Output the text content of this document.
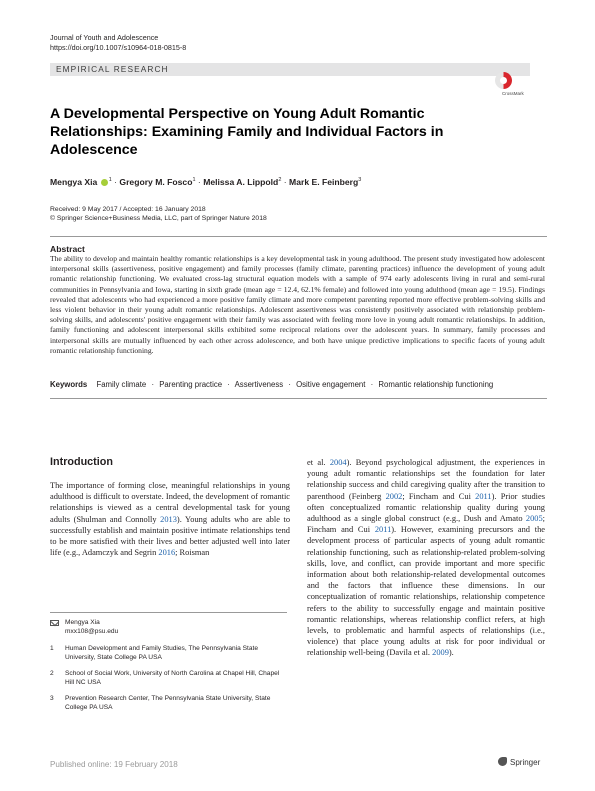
Journal of Youth and Adolescence
https://doi.org/10.1007/s10964-018-0815-8
EMPIRICAL RESEARCH
CrossMark
A Developmental Perspective on Young Adult Romantic Relationships: Examining Family and Individual Factors in Adolescence
Mengya Xia $^1$ · Gregory M. Fosco$^1$ · Melissa A. Lippold$^2$ · Mark E. Feinberg$^3$
Received: 9 May 2017 / Accepted: 16 January 2018
© Springer Science+Business Media, LLC, part of Springer Nature 2018
Abstract
The ability to develop and maintain healthy romantic relationships is a key developmental task in young adulthood. The present study investigated how adolescent interpersonal skills (assertiveness, positive engagement) and family processes (family climate, parenting practices) influence the development of young adult romantic relationship functioning. We evaluated cross-lag structural equation models with a sample of 974 early adolescents living in rural and semi-rural communities in Pennsylvania and Iowa, starting in sixth grade (mean age = 12.4, 62.1% female) and followed into young adulthood (mean age = 19.5). Findings revealed that adolescents who had experienced a more positive family climate and more competent parenting reported more effective problem-solving skills and less violent behavior in their young adult romantic relationships. Adolescent assertiveness was consistently positively associated with relationship problem-solving skills, and adolescents' positive engagement with their family was associated with feeling more love in young adult romantic relationships. In addition, family functioning and adolescent interpersonal skills exhibited some reciprocal relations over the adolescent years. In summary, family processes and interpersonal skills are mutually influenced by each other across adolescence, and both have unique predictive implications to specific facets of young adult romantic relationship functioning.
Keywords Family climate · Parenting practice · Assertiveness · Ositive engagement · Romantic relationship functioning
Introduction
The importance of forming close, meaningful relationships in young adulthood is difficult to overstate. Indeed, the development of romantic relationships is viewed as a central developmental task for young adults (Shulman and Connolly 2013). Young adults who are able to successfully establish and maintain positive intimate relationships tend to be more satisfied with their lives and better adjusted well into later life (e.g., Adamczyk and Segrin 2016; Roisman
et al. 2004). Beyond psychological adjustment, the experiences in young adult romantic relationships set the foundation for later relationship success and child caregiving quality after the transition to parenthood (Feinberg 2002; Fincham and Cui 2011). Prior studies often conceptualized romantic relationship quality during young adulthood as a single global construct (e.g., Dush and Amato 2005; Fincham and Cui 2011). However, examining precursors and the development process of particular aspects of young adult romantic relationship functioning, such as relationship-related problem-solving skills, love, and conflict, can provide important and more specific information about both relationship-related developmental outcomes and the factors that influence these dimensions. In our conceptualization of romantic relationships, relationship competence refers to the ability to successfully engage and maintain positive romantic relationships, whereas relationship conflict refers, at high levels, to problematic and harmful aspects of relationships (i.e., violence) that place young adults at risk for poor individual or relationship well-being (Davila et al. 2009).
Mengya Xia
mxx108@psu.edu
1 Human Development and Family Studies, The Pennsylvania State University, State College PA USA
2 School of Social Work, University of North Carolina at Chapel Hill, Chapel Hill NC USA
3 Prevention Research Center, The Pennsylvania State University, State College PA USA
Published online: 19 February 2018	Springer
